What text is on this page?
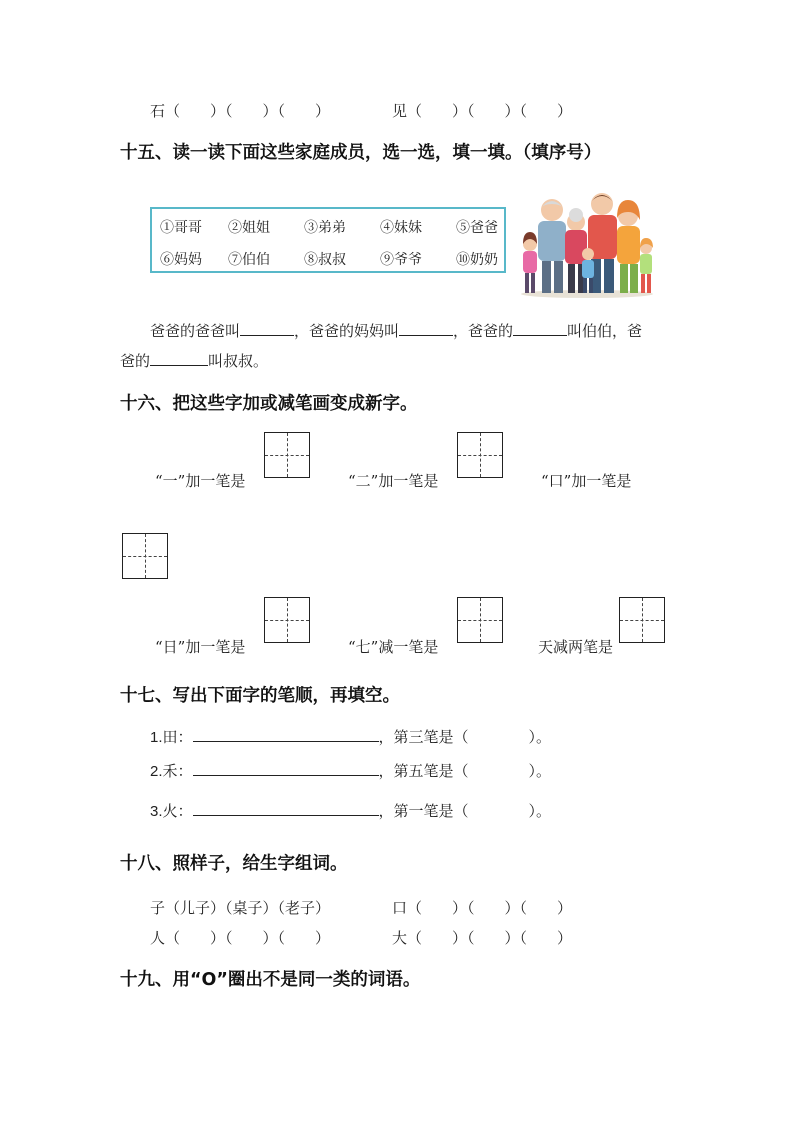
石（　　）（　　）（　　）	见（　　）（　　）（　　）
十五、读一读下面这些家庭成员，选一选，填一填。（填序号）
①哥哥 ②姐姐 ③弟弟 ④妹妹 ⑤爸爸
⑥妈妈 ⑦伯伯 ⑧叔叔 ⑨爷爷 ⑩奶奶
爸爸的爸爸叫	，爸爸的妈妈叫	，爸爸的	叫伯伯，爸
爸的	叫叔叔。
十六、把这些字加或减笔画变成新字。
“一”加一笔是	“二”加一笔是	“口”加一笔是
“日”加一笔是	“七”减一笔是	天减两笔是
十七、写出下面字的笔顺，再填空。
1.田：	，第三笔是（　　　　）。
2.禾：	，第五笔是（　　　　）。
3.火：	，第一笔是（　　　　）。
十八、照样子，给生字组词。
子（儿子）（桌子）（老子）	口（　　）（　　）（　　）
人（　　）（　　）（　　）	大（　　）（　　）（　　）
十九、用“O”圈出不是同一类的词语。
